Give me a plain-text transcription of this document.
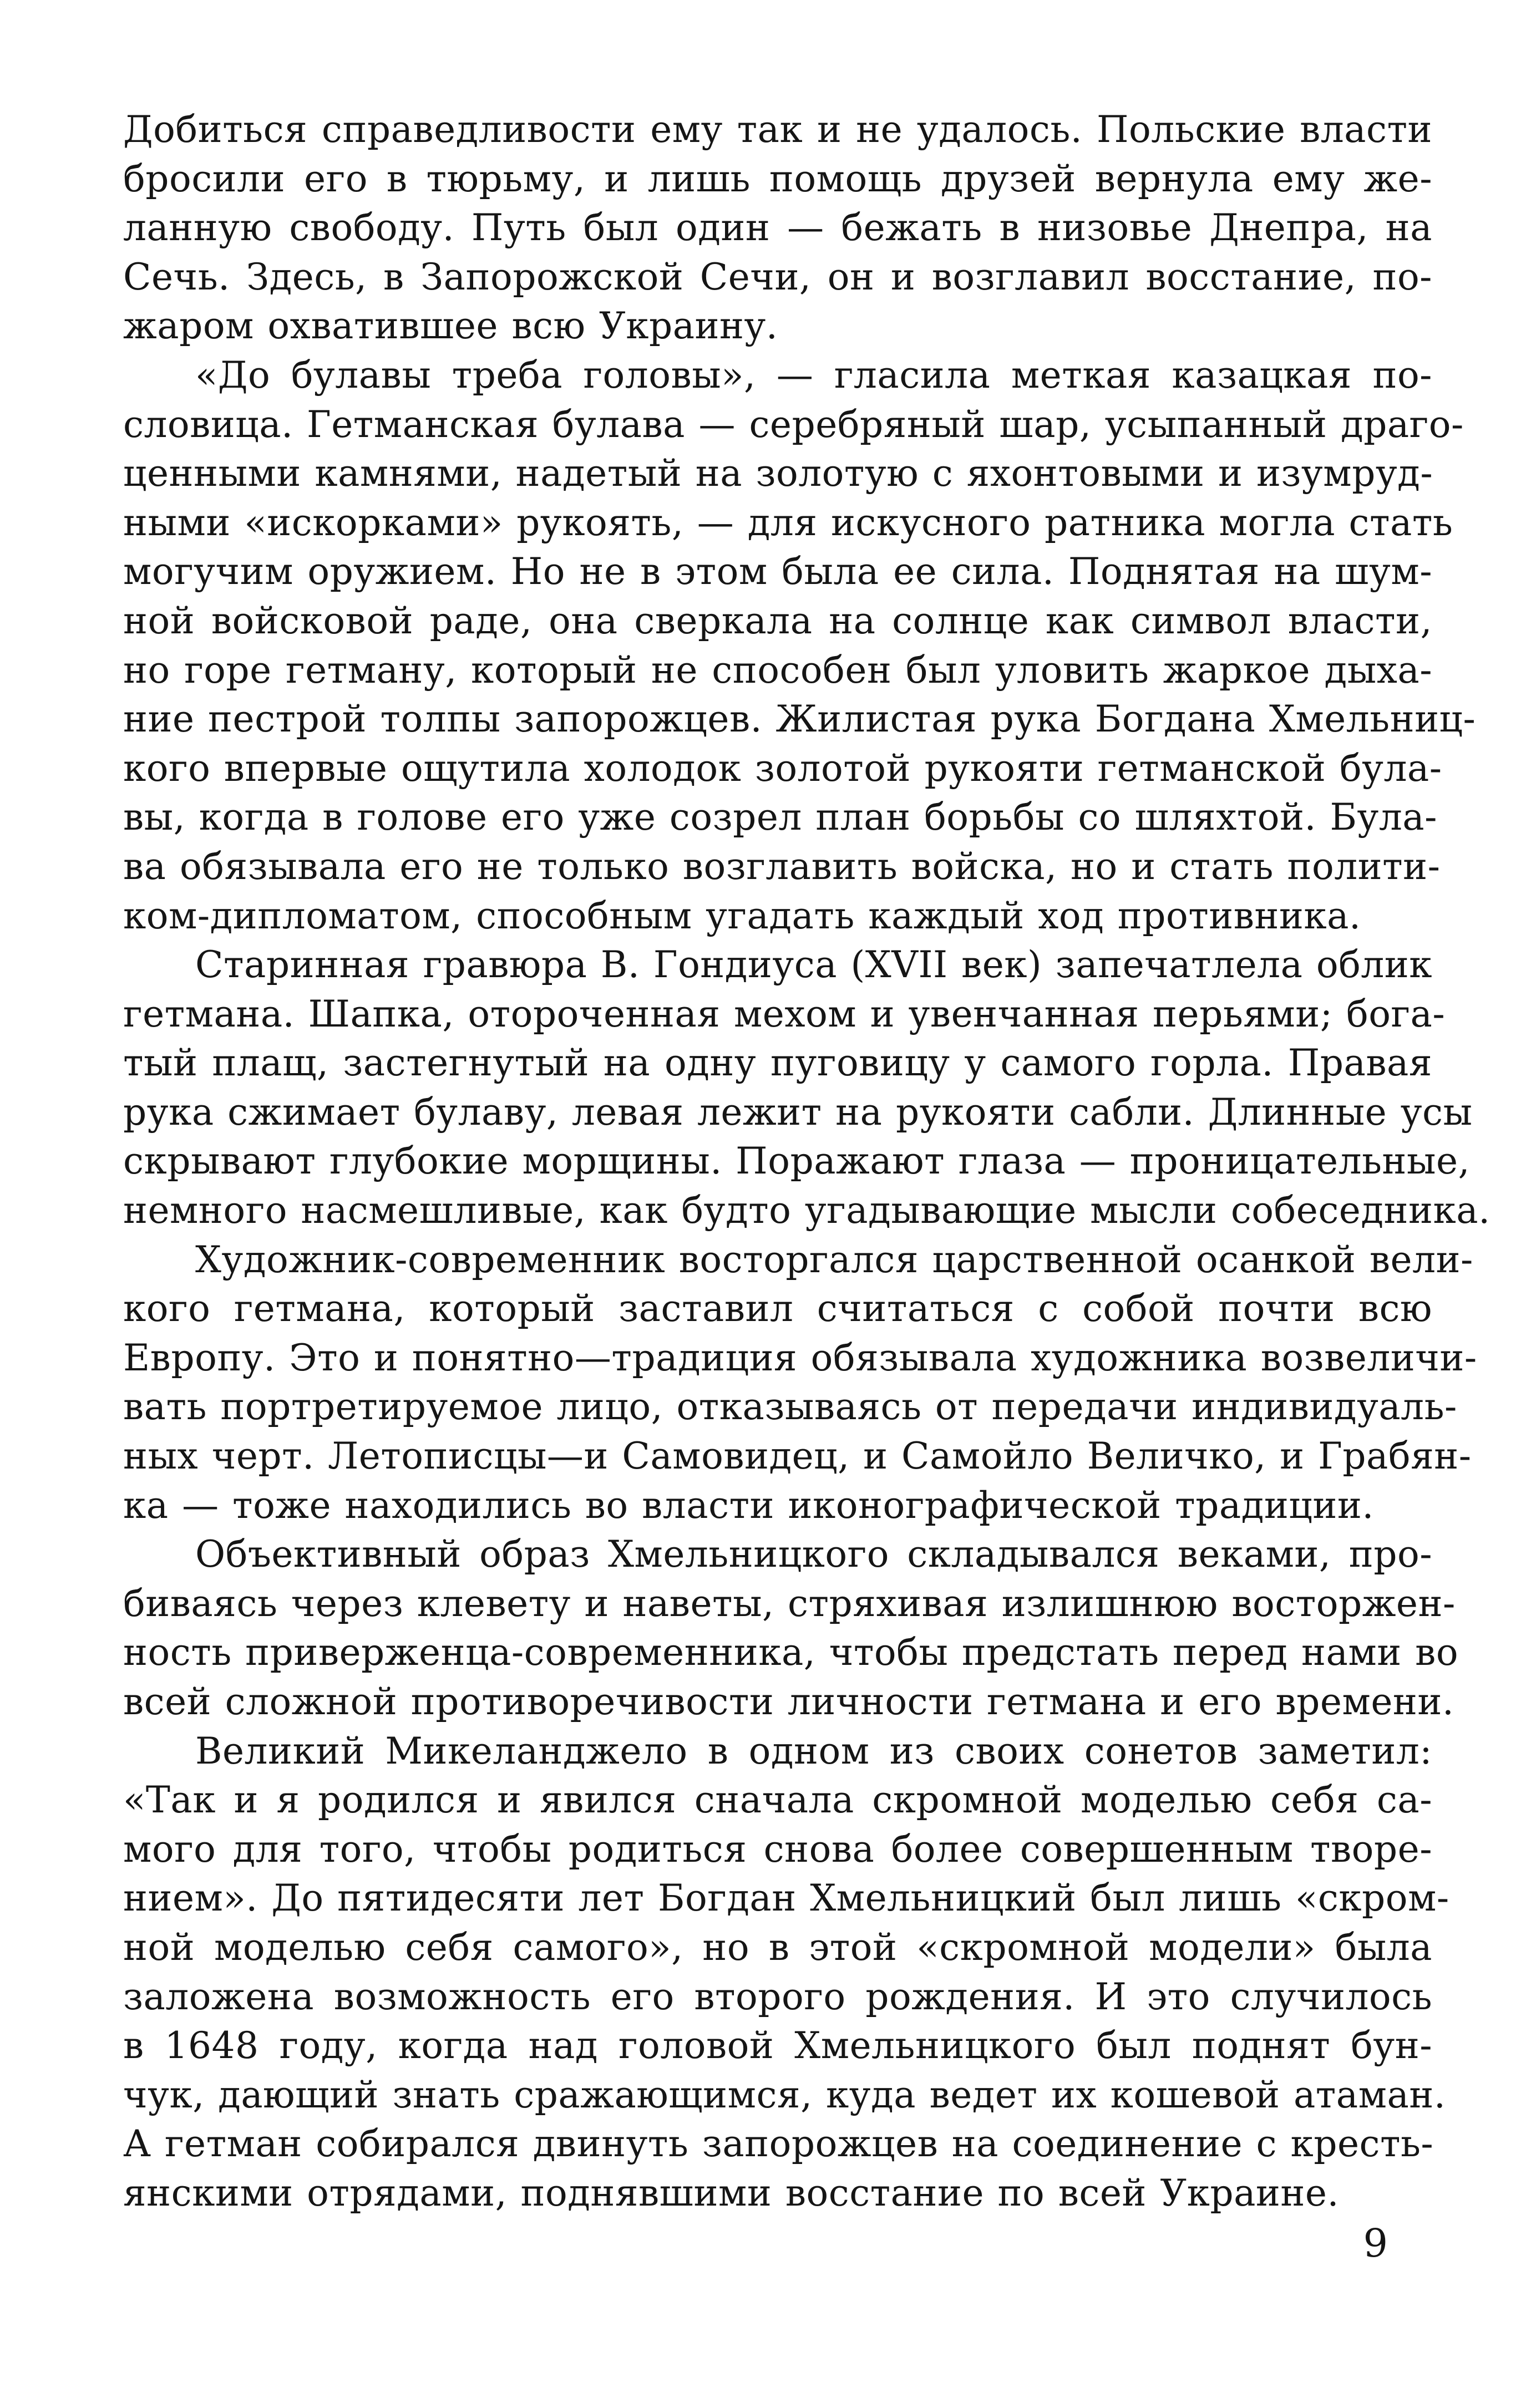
Добиться справедливости ему так и не удалось. Польские власти
бросили его в тюрьму, и лишь помощь друзей вернула ему же-
ланную свободу. Путь был один — бежать в низовье Днепра, на
Сечь. Здесь, в Запорожской Сечи, он и возглавил восстание, по-
жаром охватившее всю Украину.
«До булавы треба головы», — гласила меткая казацкая по-
словица. Гетманская булава — серебряный шар, усыпанный драго-
ценными камнями, надетый на золотую с яхонтовыми и изумруд-
ными «искорками» рукоять, — для искусного ратника могла стать
могучим оружием. Но не в этом была ее сила. Поднятая на шум-
ной войсковой раде, она сверкала на солнце как символ власти,
но горе гетману, который не способен был уловить жаркое дыха-
ние пестрой толпы запорожцев. Жилистая рука Богдана Хмельниц-
кого впервые ощутила холодок золотой рукояти гетманской була-
вы, когда в голове его уже созрел план борьбы со шляхтой. Була-
ва обязывала его не только возглавить войска, но и стать полити-
ком-дипломатом, способным угадать каждый ход противника.
Старинная гравюра В. Гондиуса (XVII век) запечатлела облик
гетмана. Шапка, отороченная мехом и увенчанная перьями; бога-
тый плащ, застегнутый на одну пуговицу у самого горла. Правая
рука сжимает булаву, левая лежит на рукояти сабли. Длинные усы
скрывают глубокие морщины. Поражают глаза — проницательные,
немного насмешливые, как будто угадывающие мысли собеседника.
Художник-современник восторгался царственной осанкой вели-
кого гетмана, который заставил считаться с собой почти всю
Европу. Это и понятно—традиция обязывала художника возвеличи-
вать портретируемое лицо, отказываясь от передачи индивидуаль-
ных черт. Летописцы—и Самовидец, и Самойло Величко, и Грабян-
ка — тоже находились во власти иконографической традиции.
Объективный образ Хмельницкого складывался веками, про-
биваясь через клевету и наветы, стряхивая излишнюю восторжен-
ность приверженца-современника, чтобы предстать перед нами во
всей сложной противоречивости личности гетмана и его времени.
Великий Микеланджело в одном из своих сонетов заметил:
«Так и я родился и явился сначала скромной моделью себя са-
мого для того, чтобы родиться снова более совершенным творе-
нием». До пятидесяти лет Богдан Хмельницкий был лишь «скром-
ной моделью себя самого», но в этой «скромной модели» была
заложена возможность его второго рождения. И это случилось
в 1648 году, когда над головой Хмельницкого был поднят бун-
чук, дающий знать сражающимся, куда ведет их кошевой атаман.
А гетман собирался двинуть запорожцев на соединение с кресть-
янскими отрядами, поднявшими восстание по всей Украине.
9
